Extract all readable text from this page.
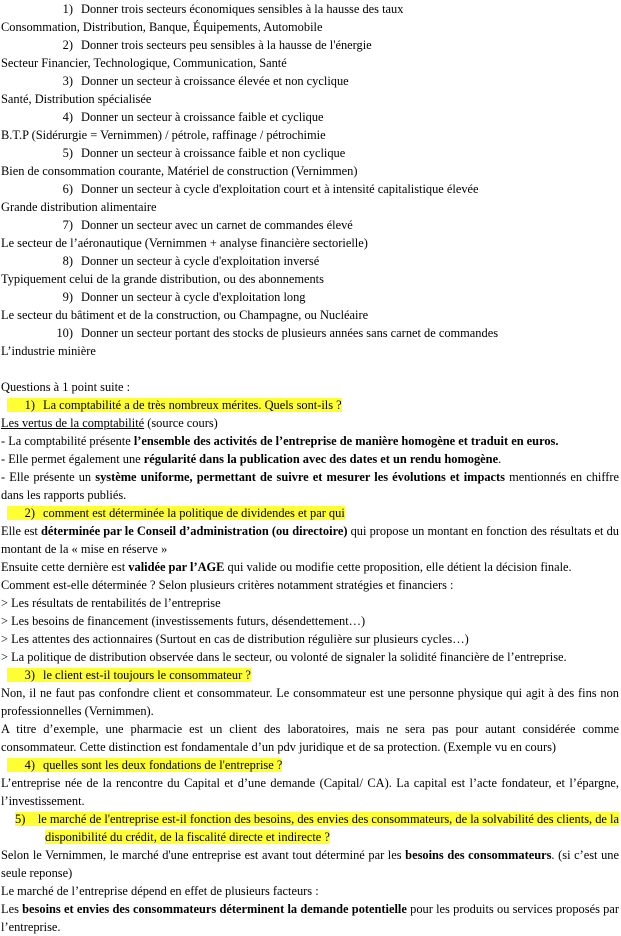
1) Donner trois secteurs économiques sensibles à la hausse des taux

Consommation, Distribution, Banque, Équipements, Automobile

2) Donner trois secteurs peu sensibles à la hausse de l'énergie

Secteur Financier, Technologique, Communication, Santé

3) Donner un secteur à croissance élevée et non cyclique

Santé, Distribution spécialisée

4) Donner un secteur à croissance faible et cyclique

B.T.P (Sidérurgie = Vernimmen) / pétrole, raffinage / pétrochimie

5) Donner un secteur à croissance faible et non cyclique

Bien de consommation courante, Matériel de construction (Vernimmen)

6) Donner un secteur à cycle d'exploitation court et à intensité capitalistique élevée

Grande distribution alimentaire

7) Donner un secteur avec un carnet de commandes élevé

Le secteur de l’aéronautique (Vernimmen + analyse financière sectorielle)

8) Donner un secteur à cycle d'exploitation inversé

Typiquement celui de la grande distribution, ou des abonnements

9) Donner un secteur à cycle d'exploitation long

Le secteur du bâtiment et de la construction, ou Champagne, ou Nucléaire

10) Donner un secteur portant des stocks de plusieurs années sans carnet de commandes

L’industrie minière

Questions à 1 point suite :

1) La comptabilité a de très nombreux mérites. Quels sont-ils ?

Les vertus de la comptabilité (source cours)

- La comptabilité présente l’ensemble des activités de l’entreprise de manière homogène et traduit en euros.

- Elle permet également une régularité dans la publication avec des dates et un rendu homogène.

- Elle présente un système uniforme, permettant de suivre et mesurer les évolutions et impacts mentionnés en chiffre dans les rapports publiés.

2) comment est déterminée la politique de dividendes et par qui

Elle est déterminée par le Conseil d’administration (ou directoire) qui propose un montant en fonction des résultats et du montant de la « mise en réserve »

Ensuite cette dernière est validée par l’AGE qui valide ou modifie cette proposition, elle détient la décision finale.

Comment est-elle déterminée ? Selon plusieurs critères notamment stratégies et financiers :

> Les résultats de rentabilités de l’entreprise

> Les besoins de financement (investissements futurs, désendettement…)

> Les attentes des actionnaires (Surtout en cas de distribution régulière sur plusieurs cycles…)

> La politique de distribution observée dans le secteur, ou volonté de signaler la solidité financière de l’entreprise.

3) le client est-il toujours le consommateur ?

Non, il ne faut pas confondre client et consommateur. Le consommateur est une personne physique qui agit à des fins non professionnelles (Vernimmen).

A titre d’exemple, une pharmacie est un client des laboratoires, mais ne sera pas pour autant considérée comme consommateur. Cette distinction est fondamentale d’un pdv juridique et de sa protection. (Exemple vu en cours)

4) quelles sont les deux fondations de l'entreprise ?

L’entreprise née de la rencontre du Capital et d’une demande (Capital/ CA). La capital est l’acte fondateur, et l’épargne, l’investissement.

5) le marché de l'entreprise est-il fonction des besoins, des envies des consommateurs, de la solvabilité des clients, de la disponibilité du crédit, de la fiscalité directe et indirecte ?

Selon le Vernimmen, le marché d'une entreprise est avant tout déterminé par les besoins des consommateurs. (si c’est une seule reponse)

Le marché de l’entreprise dépend en effet de plusieurs facteurs :

Les besoins et envies des consommateurs déterminent la demande potentielle pour les produits ou services proposés par l’entreprise.
